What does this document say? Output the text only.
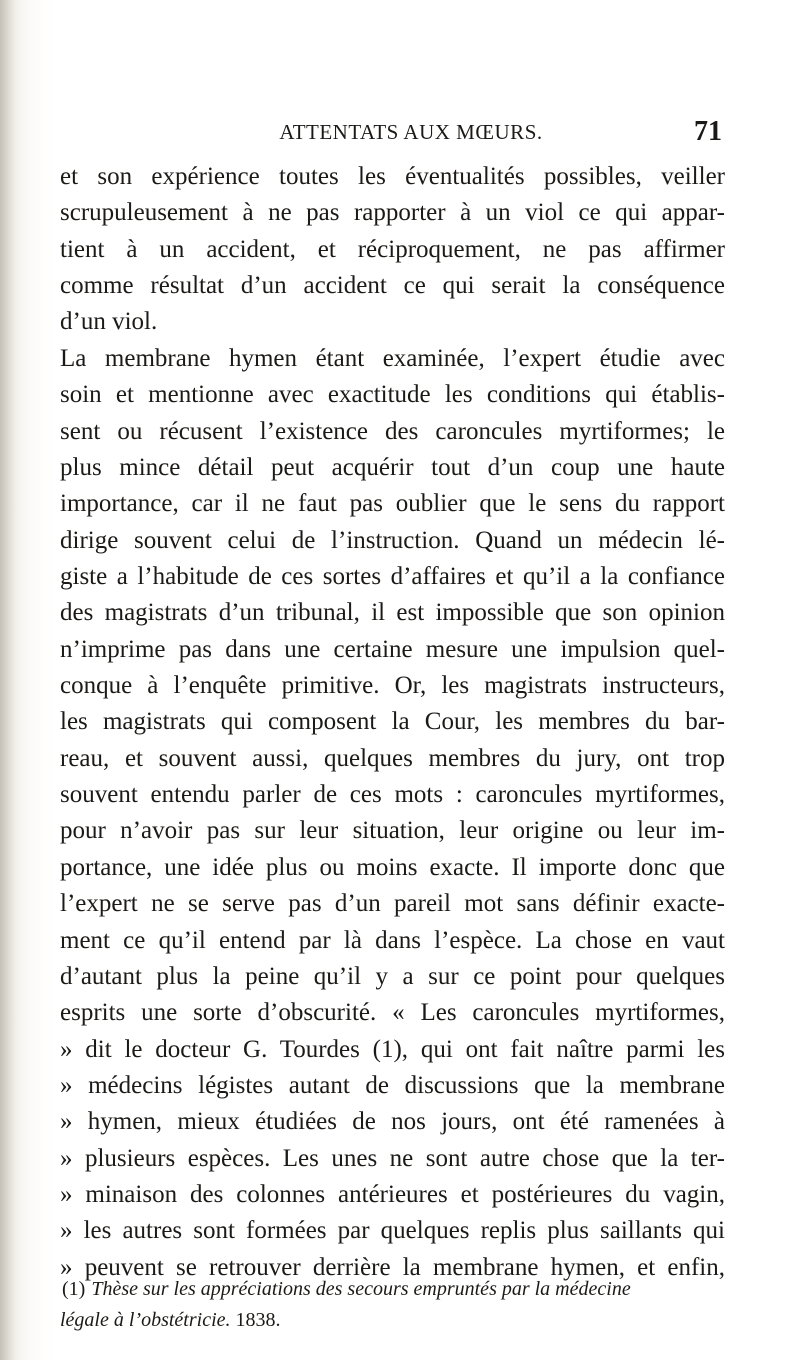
ATTENTATS AUX MŒURS.	71
et son expérience toutes les éventualités possibles, veiller
scrupuleusement à ne pas rapporter à un viol ce qui appar-
tient à un accident, et réciproquement, ne pas affirmer
comme résultat d’un accident ce qui serait la conséquence
d’un viol.
La membrane hymen étant examinée, l’expert étudie avec
soin et mentionne avec exactitude les conditions qui établis-
sent ou récusent l’existence des caroncules myrtiformes; le
plus mince détail peut acquérir tout d’un coup une haute
importance, car il ne faut pas oublier que le sens du rapport
dirige souvent celui de l’instruction. Quand un médecin lé-
giste a l’habitude de ces sortes d’affaires et qu’il a la confiance
des magistrats d’un tribunal, il est impossible que son opinion
n’imprime pas dans une certaine mesure une impulsion quel-
conque à l’enquête primitive. Or, les magistrats instructeurs,
les magistrats qui composent la Cour, les membres du bar-
reau, et souvent aussi, quelques membres du jury, ont trop
souvent entendu parler de ces mots : caroncules myrtiformes,
pour n’avoir pas sur leur situation, leur origine ou leur im-
portance, une idée plus ou moins exacte. Il importe donc que
l’expert ne se serve pas d’un pareil mot sans définir exacte-
ment ce qu’il entend par là dans l’espèce. La chose en vaut
d’autant plus la peine qu’il y a sur ce point pour quelques
esprits une sorte d’obscurité. « Les caroncules myrtiformes,
» dit le docteur G. Tourdes (1), qui ont fait naître parmi les
» médecins légistes autant de discussions que la membrane
» hymen, mieux étudiées de nos jours, ont été ramenées à
» plusieurs espèces. Les unes ne sont autre chose que la ter-
» minaison des colonnes antérieures et postérieures du vagin,
» les autres sont formées par quelques replis plus saillants qui
» peuvent se retrouver derrière la membrane hymen, et enfin,
(1) Thèse sur les appréciations des secours empruntés par la médecine
légale à l’obstétricie. 1838.
